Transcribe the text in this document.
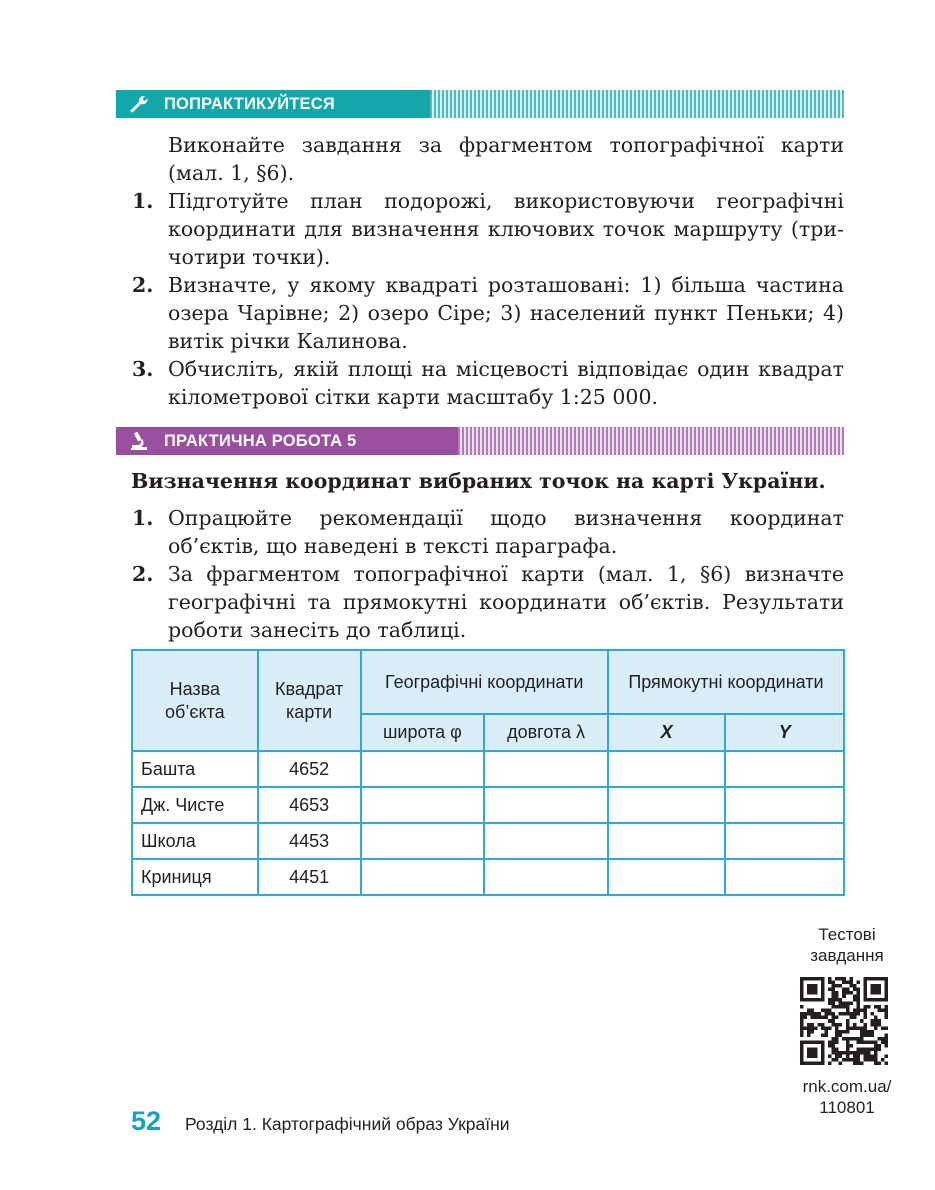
ПОПРАКТИКУЙТЕСЯ
Виконайте завдання за фрагментом топографічної карти (мал. 1, §6).
1. Підготуйте план подорожі, використовуючи географічні координати для визначення ключових точок маршруту (три-чотири точки).
2. Визначте, у якому квадраті розташовані: 1) більша частина озера Чарівне; 2) озеро Сіре; 3) населений пункт Пеньки; 4) витік річки Калинова.
3. Обчисліть, якій площі на місцевості відповідає один квадрат кілометрової сітки карти масштабу 1:25 000.
ПРАКТИЧНА РОБОТА 5
Визначення координат вибраних точок на карті України.
1. Опрацюйте рекомендації щодо визначення координат об’єктів, що наведені в тексті параграфа.
2. За фрагментом топографічної карти (мал. 1, §6) визначте географічні та прямокутні координати об’єктів. Результати роботи занесіть до таблиці.
Назва об’єкта	Квадрат карти	Географічні координати		Прямокутні координати	
		широта φ	довгота λ	X	Y
Башта	4652				
Дж. Чисте	4653				
Школа	4453				
Криниця	4451				
Тестові завдання
rnk.com.ua/ 110801
52 Розділ 1. Картографічний образ України
